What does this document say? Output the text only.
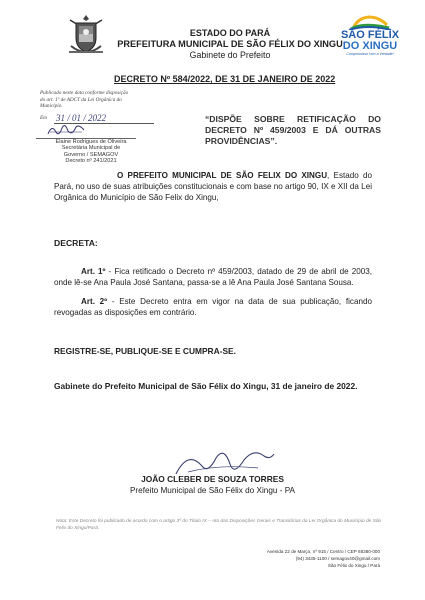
ESTADO DO PARÁ
PREFEITURA MUNICIPAL DE SÃO FÉLIX DO XINGU
Gabinete do Prefeito
SÃO FÉLIX
DO XINGU
Compromisso com a Verdade!
DECRETO Nº 584/2022, DE 31 DE JANEIRO DE 2022
Publicado neste data conforme disposição
do art. 1º de ADCT da Lei Orgânica do
Município.
Em 31 / 01 / 2022
Elaine Rodrigues de Oliveira
Secretária Municipal de
Governo / SEMAGOV
Decreto nº 241/2021
“DISPÕE SOBRE RETIFICAÇÃO DO DECRETO Nº 459/2003 E DÁ OUTRAS PROVIDÊNCIAS”.
O PREFEITO MUNICIPAL DE SÃO FELIX DO XINGU, Estado do Pará, no uso de suas atribuições constitucionais e com base no artigo 90, IX e XII da Lei Orgânica do Município de São Felix do Xingu,
DECRETA:
Art. 1º - Fica retificado o Decreto nº 459/2003, datado de 29 de abril de 2003, onde lê-se Ana Paula José Santana, passa-se a lê Ana Paula José Santana Sousa.
Art. 2º - Este Decreto entra em vigor na data de sua publicação, ficando revogadas as disposições em contrário.
REGISTRE-SE, PUBLIQUE-SE E CUMPRA-SE.
Gabinete do Prefeito Municipal de São Félix do Xingu, 31 de janeiro de 2022.
JOÃO CLEBER DE SOUZA TORRES
Prefeito Municipal de São Félix do Xingu - PA
Nota: Este Decreto foi publicado de acordo com o artigo 3º do Título IX – Ato das Disposições Gerais e Transitórias da Lei Orgânica do Município de São Felix do Xingu/Pará.
Avenida 22 de Março, nº 915 / Centro / CEP 68380-000
(94) 3435-1100 / semagov40@gmail.com
São Félix do Xingu / Pará
